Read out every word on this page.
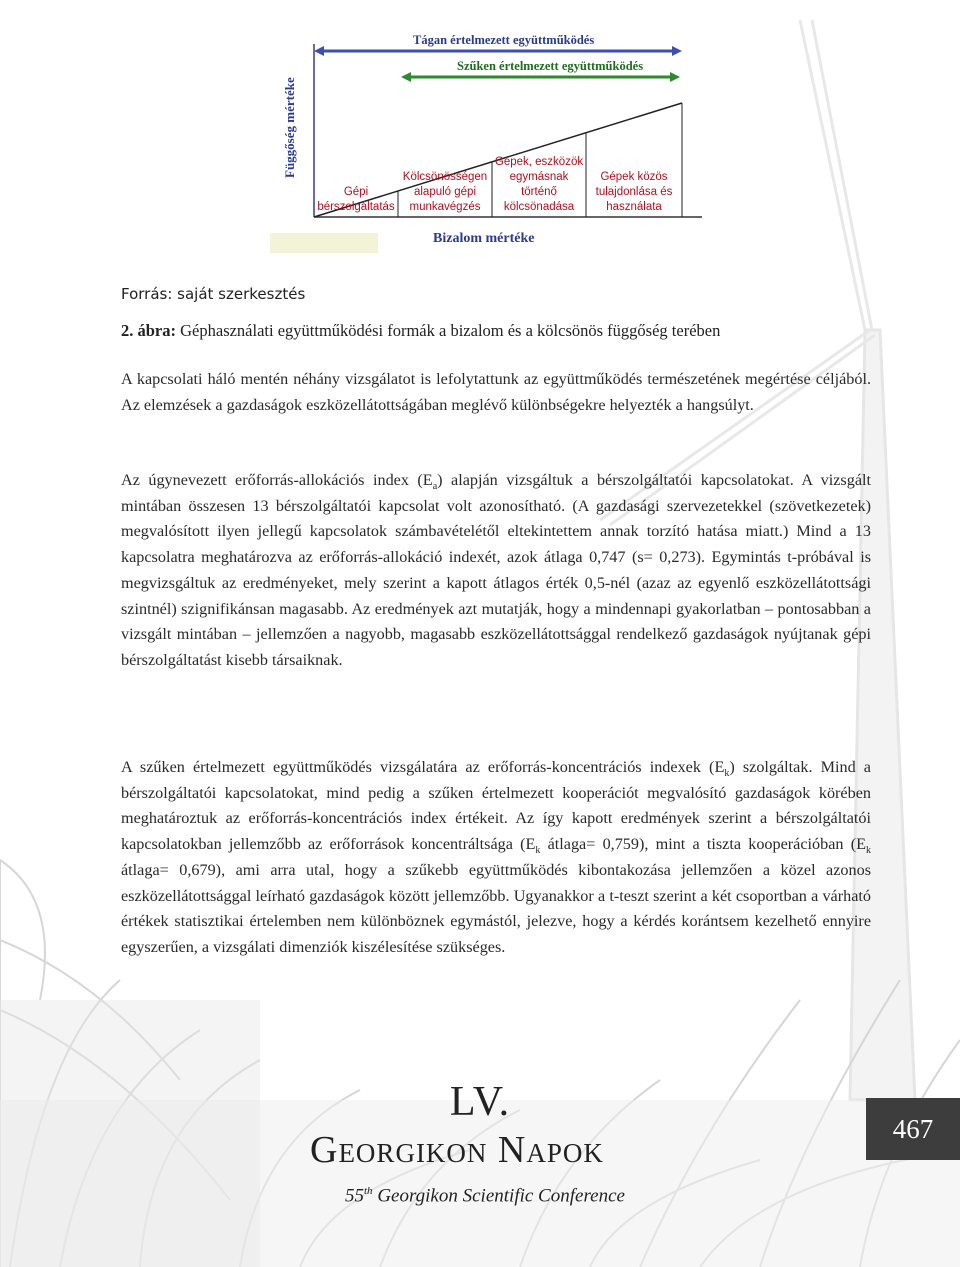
Tágan értelmezett együttműködés
Szűken értelmezett együttműködés
Függőség mértéke
Bizalom mértéke
Gépi bérszolgáltatás
Kölcsönösségen alapuló gépi munkavégzés
Gépek, eszközök egymásnak történő kölcsönadása
Gépek közös tulajdonlása és használata
Forrás: saját szerkesztés
2. ábra: Géphasználati együttműködési formák a bizalom és a kölcsönös függőség terében
A kapcsolati háló mentén néhány vizsgálatot is lefolytattunk az együttműködés természetének megértése céljából. Az elemzések a gazdaságok eszközellátottságában meglévő különbségekre helyezték a hangsúlyt.
Az úgynevezett erőforrás-allokációs index $(E_a)$ alapján vizsgáltuk a bérszolgáltatói kapcsolatokat. A vizsgált mintában összesen 13 bérszolgáltatói kapcsolat volt azonosítható. (A gazdasági szervezetekkel (szövetkezetek) megvalósított ilyen jellegű kapcsolatok számbavételétől eltekintettem annak torzító hatása miatt.) Mind a 13 kapcsolatra meghatározva az erőforrás-allokáció indexét, azok átlaga 0,747 (s= 0,273). Egymintás t-próbával is megvizsgáltuk az eredményeket, mely szerint a kapott átlagos érték 0,5-nél (azaz az egyenlő eszközellátottsági szintnél) szignifikánsan magasabb. Az eredmények azt mutatják, hogy a mindennapi gyakorlatban – pontosabban a vizsgált mintában – jellemzően a nagyobb, magasabb eszközellátottsággal rendelkező gazdaságok nyújtanak gépi bérszolgáltatást kisebb társaiknak.
A szűken értelmezett együttműködés vizsgálatára az erőforrás-koncentrációs indexek $(E_k)$ szolgáltak. Mind a bérszolgáltatói kapcsolatokat, mind pedig a szűken értelmezett kooperációt megvalósító gazdaságok körében meghatároztuk az erőforrás-koncentrációs index értékeit. Az így kapott eredmények szerint a bérszolgáltatói kapcsolatokban jellemzőbb az erőforrások koncentráltsága ($E_k$ átlaga= 0,759), mint a tiszta kooperációban ($E_k$ átlaga= 0,679), ami arra utal, hogy a szűkebb együttműködés kibontakozása jellemzően a közel azonos eszközellátottsággal leírható gazdaságok között jellemzőbb. Ugyanakkor a t-teszt szerint a két csoportban a várható értékek statisztikai értelemben nem különböznek egymástól, jelezve, hogy a kérdés korántsem kezelhető ennyire egyszerűen, a vizsgálati dimenziók kiszélesítése szükséges.
LV.
Georgikon Napok
55th Georgikon Scientific Conference
467
